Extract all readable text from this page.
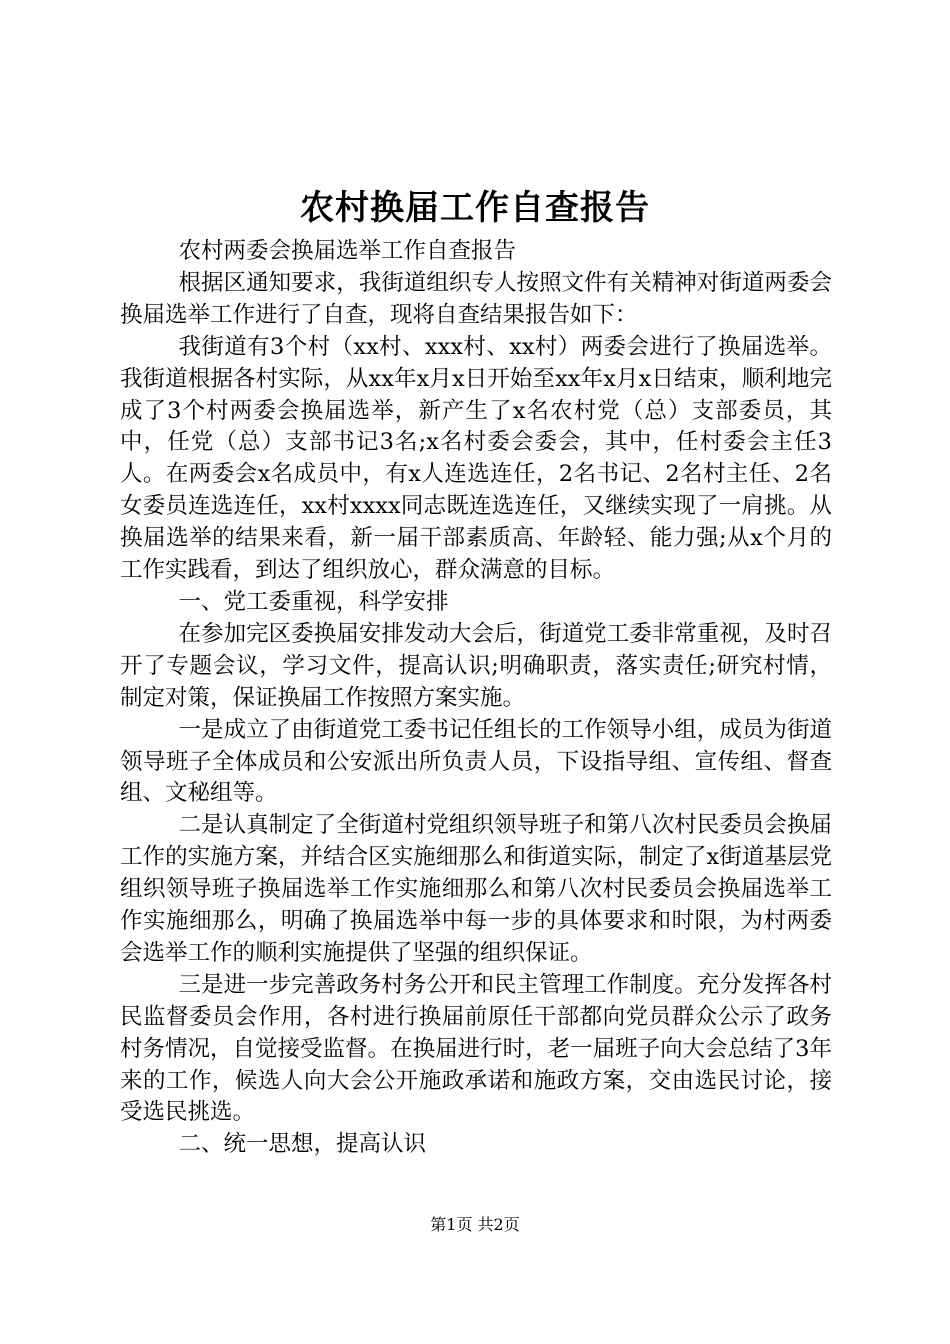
农村换届工作自查报告

农村两委会换届选举工作自查报告

根据区通知要求，我街道组织专人按照文件有关精神对街道两委会换届选举工作进行了自查，现将自查结果报告如下：

我街道有3个村（xx村、xxx村、xx村）两委会进行了换届选举。我街道根据各村实际，从xx年x月x日开始至xx年x月x日结束，顺利地完成了3个村两委会换届选举，新产生了x名农村党（总）支部委员，其中，任党（总）支部书记3名;x名村委会委会，其中，任村委会主任3人。在两委会x名成员中，有x人连选连任，2名书记、2名村主任、2名女委员连选连任，xx村xxxx同志既连选连任，又继续实现了一肩挑。从换届选举的结果来看，新一届干部素质高、年龄轻、能力强;从x个月的工作实践看，到达了组织放心，群众满意的目标。

一、党工委重视，科学安排

在参加完区委换届安排发动大会后，街道党工委非常重视，及时召开了专题会议，学习文件，提高认识;明确职责，落实责任;研究村情，制定对策，保证换届工作按照方案实施。

一是成立了由街道党工委书记任组长的工作领导小组，成员为街道领导班子全体成员和公安派出所负责人员，下设指导组、宣传组、督查组、文秘组等。

二是认真制定了全街道村党组织领导班子和第八次村民委员会换届工作的实施方案，并结合区实施细那么和街道实际，制定了x街道基层党组织领导班子换届选举工作实施细那么和第八次村民委员会换届选举工作实施细那么，明确了换届选举中每一步的具体要求和时限，为村两委会选举工作的顺利实施提供了坚强的组织保证。

三是进一步完善政务村务公开和民主管理工作制度。充分发挥各村民监督委员会作用，各村进行换届前原任干部都向党员群众公示了政务村务情况，自觉接受监督。在换届进行时，老一届班子向大会总结了3年来的工作，候选人向大会公开施政承诺和施政方案，交由选民讨论，接受选民挑选。

二、统一思想，提高认识

第1页 共2页
